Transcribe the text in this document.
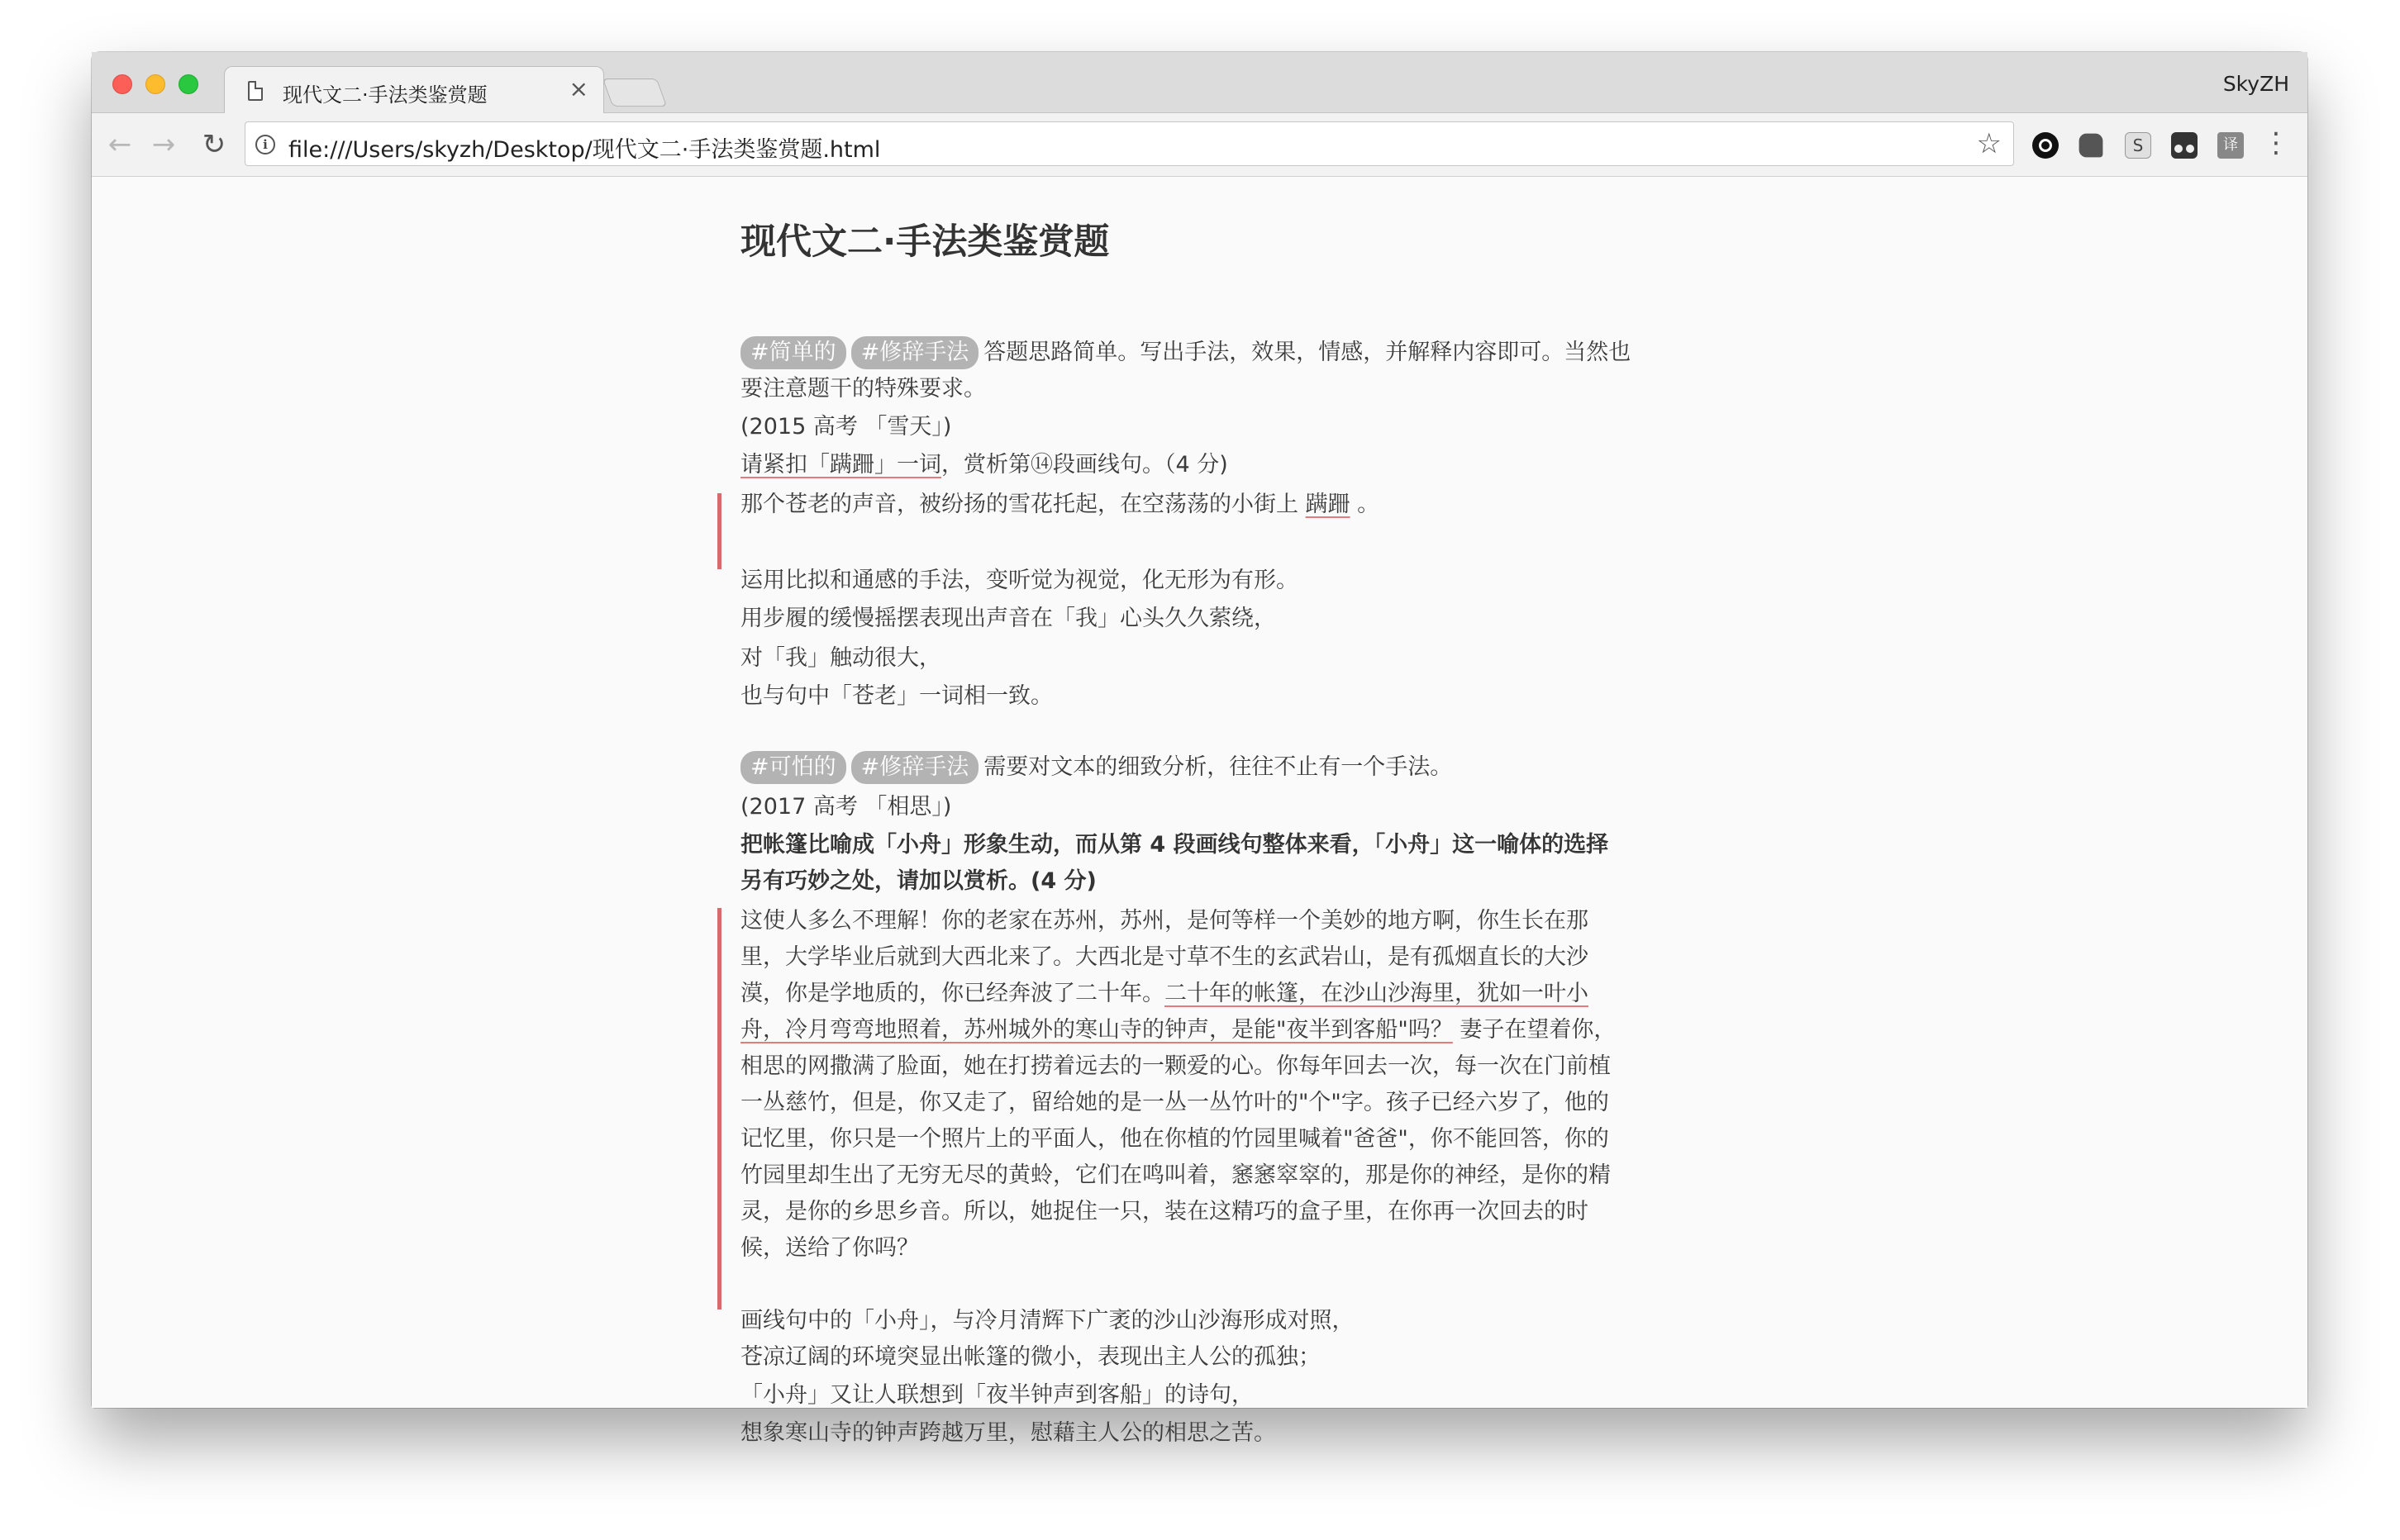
现代文二·手法类鉴赏题	×	SkyZH
← → ↻	i file:///Users/skyzh/Desktop/现代文二·手法类鉴赏题.html	☆	S	译 ⋮
现代文二·手法类鉴赏题
#简单的 #修辞手法 答题思路简单。写出手法，效果，情感，并解释内容即可。当然也
要注意题干的特殊要求。
(2015 高考 「雪天」)
请紧扣「蹒跚」一词，赏析第⑭段画线句。（4 分)
那个苍老的声音，被纷扬的雪花托起，在空荡荡的小街上 蹒跚 。
运用比拟和通感的手法，变听觉为视觉，化无形为有形。
用步履的缓慢摇摆表现出声音在「我」心头久久萦绕，
对「我」触动很大，
也与句中「苍老」一词相一致。
#可怕的 #修辞手法 需要对文本的细致分析，往往不止有一个手法。
(2017 高考 「相思」)
把帐篷比喻成「小舟」形象生动，而从第 4 段画线句整体来看，「小舟」这一喻体的选择
另有巧妙之处，请加以赏析。(4 分)
这使人多么不理解！你的老家在苏州，苏州，是何等样一个美妙的地方啊，你生长在那
里，大学毕业后就到大西北来了。大西北是寸草不生的玄武岩山，是有孤烟直长的大沙
漠，你是学地质的，你已经奔波了二十年。二十年的帐篷，在沙山沙海里，犹如一叶小
舟，冷月弯弯地照着，苏州城外的寒山寺的钟声，是能"夜半到客船"吗？ 妻子在望着你，
相思的网撒满了脸面，她在打捞着远去的一颗爱的心。你每年回去一次，每一次在门前植
一丛慈竹，但是，你又走了，留给她的是一丛一丛竹叶的"个"字。孩子已经六岁了，他的
记忆里，你只是一个照片上的平面人，他在你植的竹园里喊着"爸爸"，你不能回答，你的
竹园里却生出了无穷无尽的黄蛉，它们在鸣叫着，窸窸窣窣的，那是你的神经，是你的精
灵，是你的乡思乡音。所以，她捉住一只，装在这精巧的盒子里，在你再一次回去的时
候，送给了你吗？
画线句中的「小舟」，与冷月清辉下广袤的沙山沙海形成对照，
苍凉辽阔的环境突显出帐篷的微小，表现出主人公的孤独；
「小舟」又让人联想到「夜半钟声到客船」的诗句，
想象寒山寺的钟声跨越万里，慰藉主人公的相思之苦。
